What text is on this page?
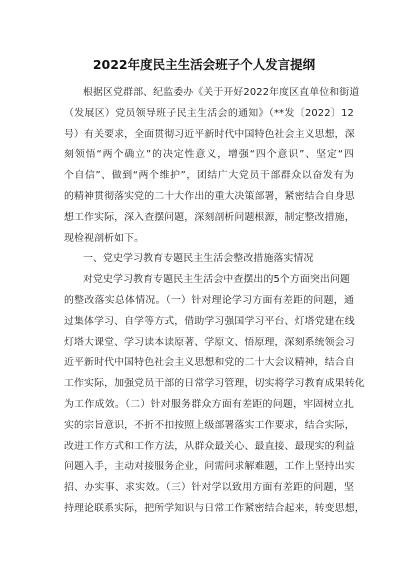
2022年度民主生活会班子个人发言提纲
根据区党群部、纪监委办《关于开好2022年度区直单位和街道
（发展区）党员领导班子民主生活会的通知》（**发〔2022〕12
号）有关要求，全面贯彻习近平新时代中国特色社会主义思想，深
刻领悟“两个确立”的决定性意义，增强“四个意识”、坚定“四
个自信”、做到“两个维护”，团结广大党员干部群众以奋发有为
的精神贯彻落实党的二十大作出的重大决策部署，紧密结合自身思
想工作实际，深入查摆问题，深刻剖析问题根源，制定整改措施，
现检视剖析如下。
一、党史学习教育专题民主生活会整改措施落实情况
对党史学习教育专题民主生活会中查摆出的5个方面突出问题
的整改落实总体情况。（一）针对理论学习方面有差距的问题，通
过集体学习、自学等方式，借助学习强国学习平台、灯塔党建在线
灯塔大课堂、学习读本读原著、学原文、悟原理，深刻系统领会习
近平新时代中国特色社会主义思想和党的二十大会议精神，结合自
工作实际，加强党员干部的日常学习管理，切实将学习教育成果转化
为工作成效。（二）针对服务群众方面有差距的问题，牢固树立扎
实的宗旨意识，不折不扣按照上级部署落实工作要求，结合实际，
改进工作方式和工作方法，从群众最关心、最直接、最现实的利益
问题入手，主动对接服务企业，问需问求解难题，工作上坚持出实
招、办实事、求实效。（三）针对学以致用方面有差距的问题，坚
持理论联系实际，把所学知识与日常工作紧密结合起来，转变思想，
